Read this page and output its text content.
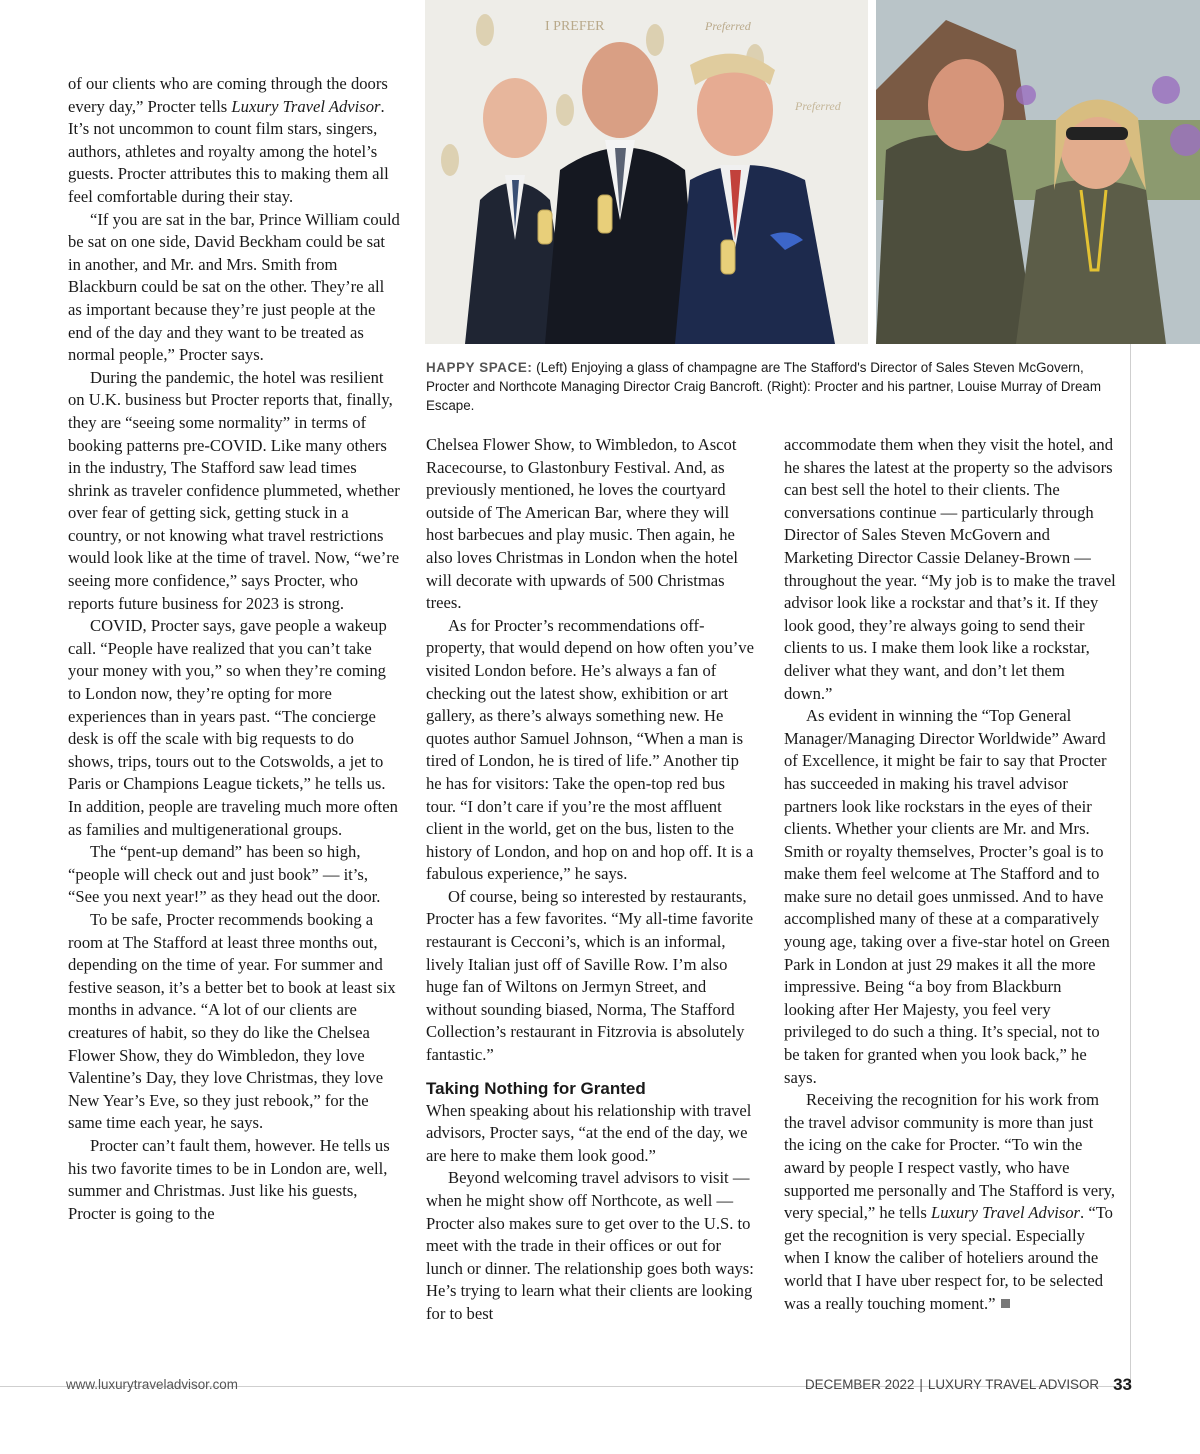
I PREFER	Preferred
Preferred
HAPPY SPACE: (Left) Enjoying a glass of champagne are The Stafford's Director of Sales Steven McGovern, Procter and Northcote Managing Director Craig Bancroft. (Right): Procter and his partner, Louise Murray of Dream Escape.

of our clients who are coming through the doors every day,” Procter tells Luxury Travel Advisor. It’s not uncommon to count film stars, singers, authors, athletes and royalty among the hotel’s guests. Procter attributes this to making them all feel comfortable during their stay.

“If you are sat in the bar, Prince William could be sat on one side, David Beckham could be sat in another, and Mr. and Mrs. Smith from Blackburn could be sat on the other. They’re all as important because they’re just people at the end of the day and they want to be treated as normal people,” Procter says.

During the pandemic, the hotel was resilient on U.K. business but Procter reports that, finally, they are “seeing some normality” in terms of booking patterns pre-COVID. Like many others in the industry, The Stafford saw lead times shrink as traveler confidence plummeted, whether over fear of getting sick, getting stuck in a country, or not knowing what travel restrictions would look like at the time of travel. Now, “we’re seeing more confidence,” says Procter, who reports future business for 2023 is strong.

COVID, Procter says, gave people a wakeup call. “People have realized that you can’t take your money with you,” so when they’re coming to London now, they’re opting for more experiences than in years past. “The concierge desk is off the scale with big requests to do shows, trips, tours out to the Cotswolds, a jet to Paris or Champions League tickets,” he tells us. In addition, people are traveling much more often as families and multigenerational groups.

The “pent-up demand” has been so high, “people will check out and just book” — it’s, “See you next year!” as they head out the door.

To be safe, Procter recommends booking a room at The Stafford at least three months out, depending on the time of year. For summer and festive season, it’s a better bet to book at least six months in advance. “A lot of our clients are creatures of habit, so they do like the Chelsea Flower Show, they do Wimbledon, they love Valentine’s Day, they love Christmas, they love New Year’s Eve, so they just rebook,” for the same time each year, he says.

Procter can’t fault them, however. He tells us his two favorite times to be in London are, well, summer and Christmas. Just like his guests, Procter is going to the

Chelsea Flower Show, to Wimbledon, to Ascot Racecourse, to Glastonbury Festival. And, as previously mentioned, he loves the courtyard outside of The American Bar, where they will host barbecues and play music. Then again, he also loves Christmas in London when the hotel will decorate with upwards of 500 Christmas trees.

As for Procter’s recommendations off-property, that would depend on how often you’ve visited London before. He’s always a fan of checking out the latest show, exhibition or art gallery, as there’s always something new. He quotes author Samuel Johnson, “When a man is tired of London, he is tired of life.” Another tip he has for visitors: Take the open-top red bus tour. “I don’t care if you’re the most affluent client in the world, get on the bus, listen to the history of London, and hop on and hop off. It is a fabulous experience,” he says.

Of course, being so interested by restaurants, Procter has a few favorites. “My all-time favorite restaurant is Cecconi’s, which is an informal, lively Italian just off of Saville Row. I’m also huge fan of Wiltons on Jermyn Street, and without sounding biased, Norma, The Stafford Collection’s restaurant in Fitzrovia is absolutely fantastic.”

Taking Nothing for Granted

When speaking about his relationship with travel advisors, Procter says, “at the end of the day, we are here to make them look good.”

Beyond welcoming travel advisors to visit — when he might show off Northcote, as well — Procter also makes sure to get over to the U.S. to meet with the trade in their offices or out for lunch or dinner. The relationship goes both ways: He’s trying to learn what their clients are looking for to best

accommodate them when they visit the hotel, and he shares the latest at the property so the advisors can best sell the hotel to their clients. The conversations continue — particularly through Director of Sales Steven McGovern and Marketing Director Cassie Delaney-Brown — throughout the year. “My job is to make the travel advisor look like a rockstar and that’s it. If they look good, they’re always going to send their clients to us. I make them look like a rockstar, deliver what they want, and don’t let them down.”

As evident in winning the “Top General Manager/Managing Director Worldwide” Award of Excellence, it might be fair to say that Procter has succeeded in making his travel advisor partners look like rockstars in the eyes of their clients. Whether your clients are Mr. and Mrs. Smith or royalty themselves, Procter’s goal is to make them feel welcome at The Stafford and to make sure no detail goes unmissed. And to have accomplished many of these at a comparatively young age, taking over a five-star hotel on Green Park in London at just 29 makes it all the more impressive. Being “a boy from Blackburn looking after Her Majesty, you feel very privileged to do such a thing. It’s special, not to be taken for granted when you look back,” he says.

Receiving the recognition for his work from the travel advisor community is more than just the icing on the cake for Procter. “To win the award by people I respect vastly, who have supported me personally and The Stafford is very, very special,” he tells Luxury Travel Advisor. “To get the recognition is very special. Especially when I know the caliber of hoteliers around the world that I have uber respect for, to be selected was a really touching moment.”

www.luxurytraveladvisor.com	DECEMBER 2022 | LUXURY TRAVEL ADVISOR 33
